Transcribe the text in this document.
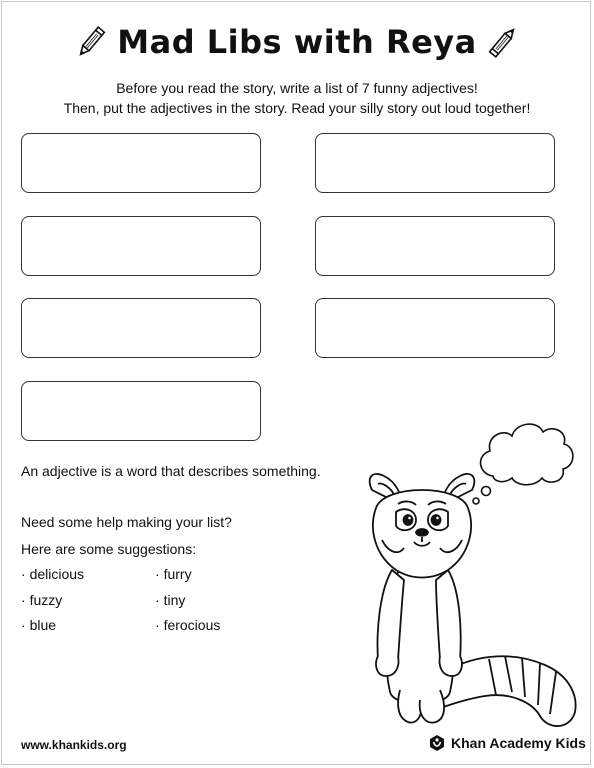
Mad Libs with Reya
Before you read the story, write a list of 7 funny adjectives!
Then, put the adjectives in the story. Read your silly story out loud together!
An adjective is a word that describes something.
Need some help making your list?
Here are some suggestions:
· delicious	· furry
· fuzzy	· tiny
· blue	· ferocious
www.khankids.org	Khan Academy Kids
